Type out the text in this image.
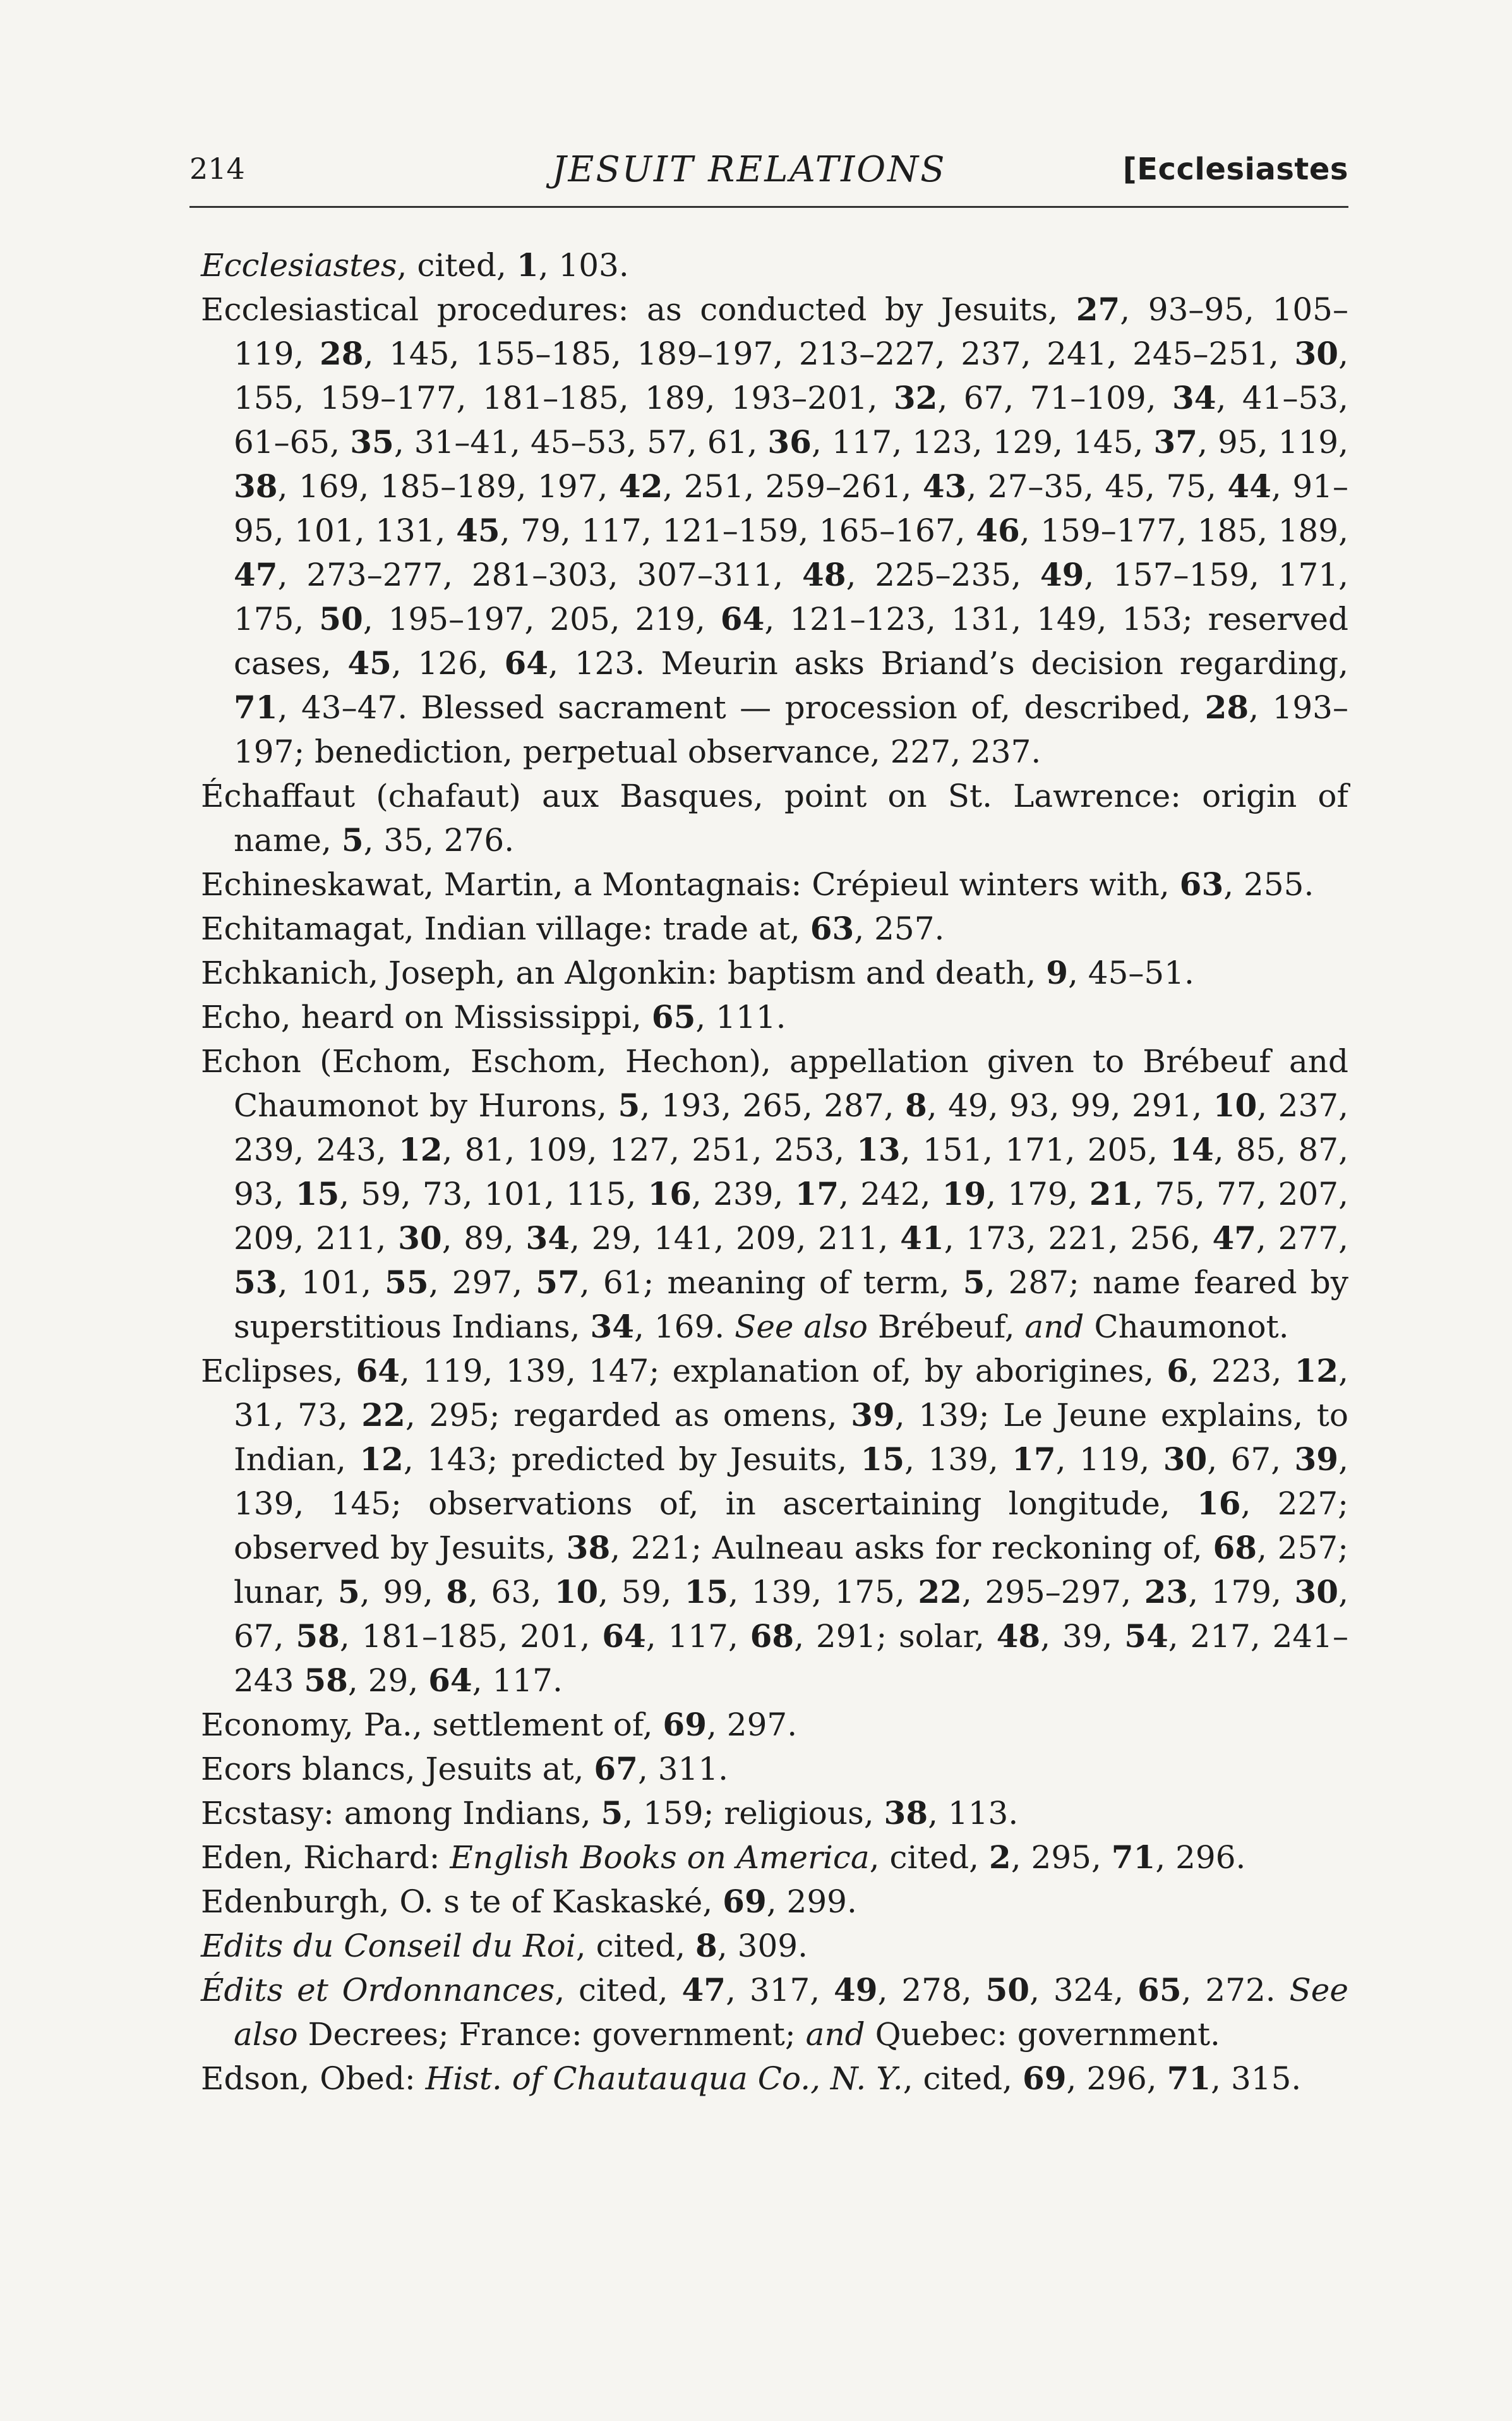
214	JESUIT RELATIONS	[Ecclesiastes

Ecclesiastes, cited, 1, 103.

Ecclesiastical procedures: as conducted by Jesuits, 27, 93–95, 105–119, 28, 145, 155–185, 189–197, 213–227, 237, 241, 245–251, 30, 155, 159–177, 181–185, 189, 193–201, 32, 67, 71–109, 34, 41–53, 61–65, 35, 31–41, 45–53, 57, 61, 36, 117, 123, 129, 145, 37, 95, 119, 38, 169, 185–189, 197, 42, 251, 259–261, 43, 27–35, 45, 75, 44, 91–95, 101, 131, 45, 79, 117, 121–159, 165–167, 46, 159–177, 185, 189, 47, 273–277, 281–303, 307–311, 48, 225–235, 49, 157–159, 171, 175, 50, 195–197, 205, 219, 64, 121–123, 131, 149, 153; reserved cases, 45, 126, 64, 123. Meurin asks Briand’s decision regarding, 71, 43–47. Blessed sacrament — procession of, described, 28, 193–197; benediction, perpetual observance, 227, 237.

Échaffaut (chafaut) aux Basques, point on St. Lawrence: origin of name, 5, 35, 276.

Echineskawat, Martin, a Montagnais: Crépieul winters with, 63, 255.

Echitamagat, Indian village: trade at, 63, 257.

Echkanich, Joseph, an Algonkin: baptism and death, 9, 45–51.

Echo, heard on Mississippi, 65, 111.

Echon (Echom, Eschom, Hechon), appellation given to Brébeuf and Chaumonot by Hurons, 5, 193, 265, 287, 8, 49, 93, 99, 291, 10, 237, 239, 243, 12, 81, 109, 127, 251, 253, 13, 151, 171, 205, 14, 85, 87, 93, 15, 59, 73, 101, 115, 16, 239, 17, 242, 19, 179, 21, 75, 77, 207, 209, 211, 30, 89, 34, 29, 141, 209, 211, 41, 173, 221, 256, 47, 277, 53, 101, 55, 297, 57, 61; meaning of term, 5, 287; name feared by superstitious Indians, 34, 169. See also Brébeuf, and Chaumonot.

Eclipses, 64, 119, 139, 147; explanation of, by aborigines, 6, 223, 12, 31, 73, 22, 295; regarded as omens, 39, 139; Le Jeune explains, to Indian, 12, 143; predicted by Jesuits, 15, 139, 17, 119, 30, 67, 39, 139, 145; observations of, in ascertaining longitude, 16, 227; observed by Jesuits, 38, 221; Aulneau asks for reckoning of, 68, 257; lunar, 5, 99, 8, 63, 10, 59, 15, 139, 175, 22, 295–297, 23, 179, 30, 67, 58, 181–185, 201, 64, 117, 68, 291; solar, 48, 39, 54, 217, 241–243 58, 29, 64, 117.

Economy, Pa., settlement of, 69, 297.

Ecors blancs, Jesuits at, 67, 311.

Ecstasy: among Indians, 5, 159; religious, 38, 113.

Eden, Richard: English Books on America, cited, 2, 295, 71, 296.

Edenburgh, O. s te of Kaskaské, 69, 299.

Edits du Conseil du Roi, cited, 8, 309.

Édits et Ordonnances, cited, 47, 317, 49, 278, 50, 324, 65, 272. See also Decrees; France: government; and Quebec: government.

Edson, Obed: Hist. of Chautauqua Co., N. Y., cited, 69, 296, 71, 315.
